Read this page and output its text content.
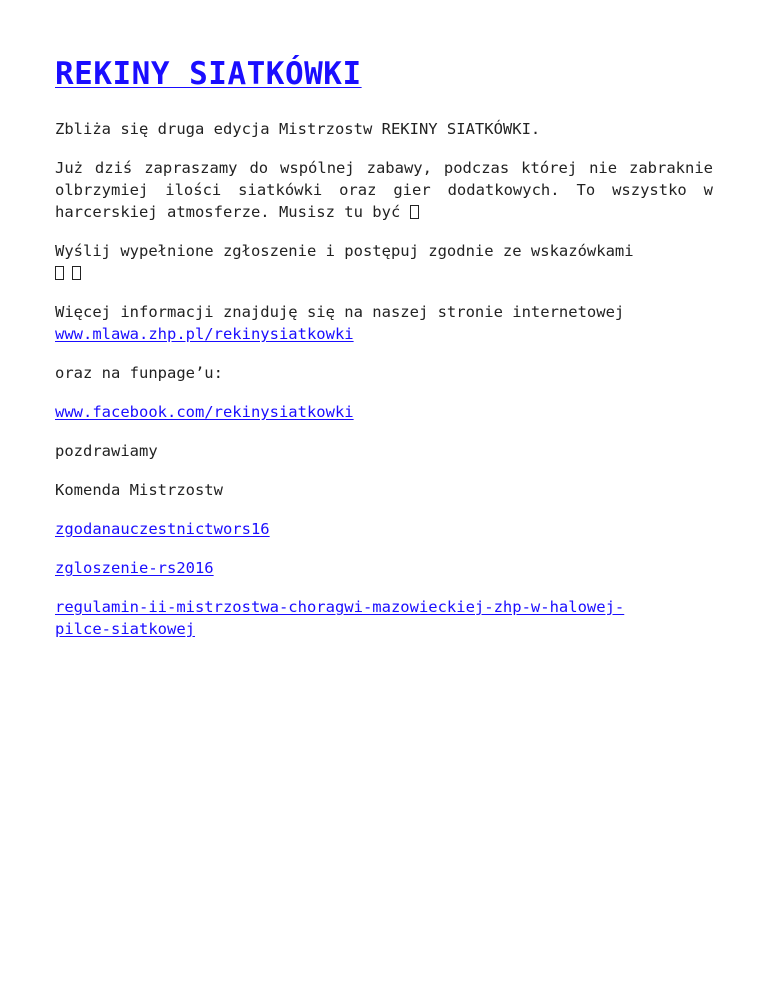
REKINY SIATKÓWKI

Zbliża się druga edycja Mistrzostw REKINY SIATKÓWKI.

Już dziś zapraszamy do wspólnej zabawy, podczas której nie zabraknie olbrzymiej ilości siatkówki oraz gier dodatkowych. To wszystko w harcerskiej atmosferze. Musisz tu być

Wyślij wypełnione zgłoszenie i postępuj zgodnie ze wskazówkami

Więcej informacji znajduję się na naszej stronie internetowej
www.mlawa.zhp.pl/rekinysiatkowki

oraz na funpage’u:

www.facebook.com/rekinysiatkowki

pozdrawiamy

Komenda Mistrzostw

zgodanauczestnictwors16

zgloszenie-rs2016

regulamin-ii-mistrzostwa-choragwi-mazowieckiej-zhp-w-halowej-
pilce-siatkowej
